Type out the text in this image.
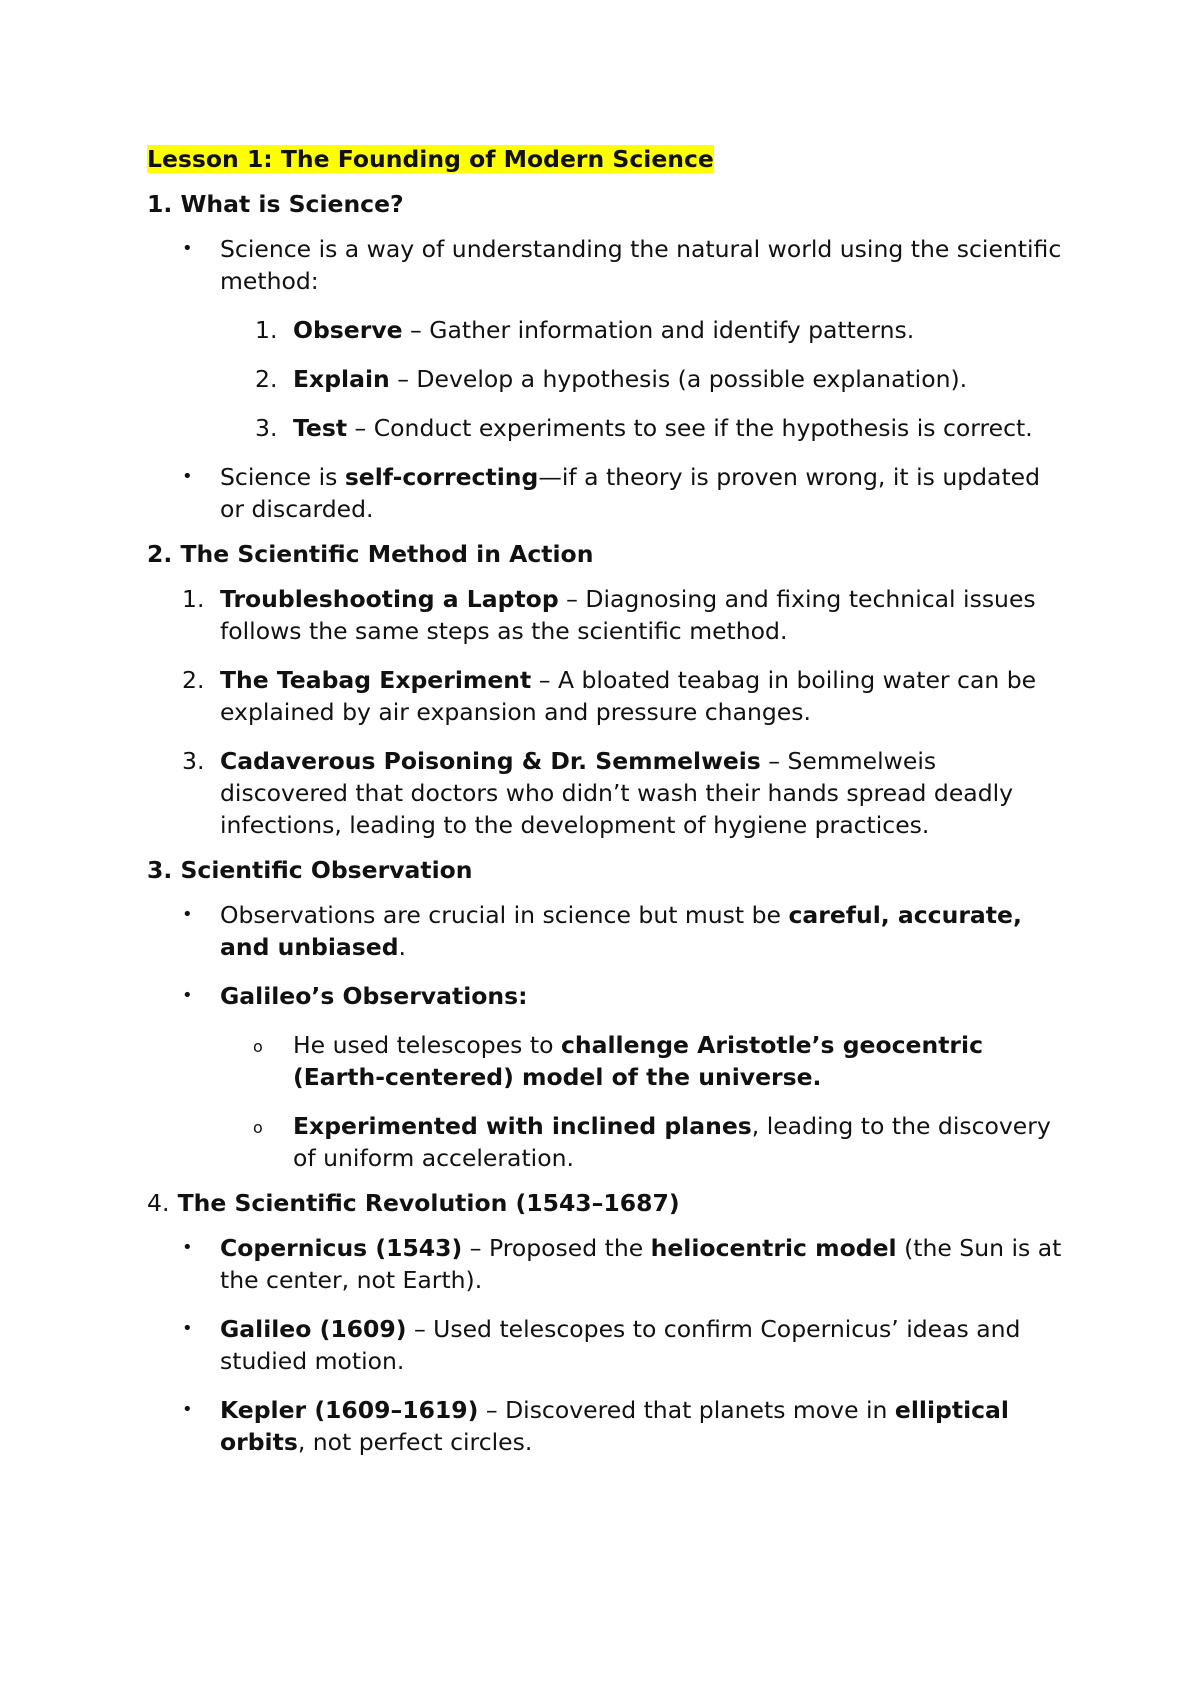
Lesson 1: The Founding of Modern Science
1. What is Science?
• Science is a way of understanding the natural world using the scientific method:
1. Observe – Gather information and identify patterns.
2. Explain – Develop a hypothesis (a possible explanation).
3. Test – Conduct experiments to see if the hypothesis is correct.
• Science is self-correcting—if a theory is proven wrong, it is updated or discarded.
2. The Scientific Method in Action
1. Troubleshooting a Laptop – Diagnosing and fixing technical issues follows the same steps as the scientific method.
2. The Teabag Experiment – A bloated teabag in boiling water can be explained by air expansion and pressure changes.
3. Cadaverous Poisoning & Dr. Semmelweis – Semmelweis discovered that doctors who didn’t wash their hands spread deadly infections, leading to the development of hygiene practices.
3. Scientific Observation
• Observations are crucial in science but must be careful, accurate, and unbiased.
• Galileo’s Observations:
o He used telescopes to challenge Aristotle’s geocentric (Earth-centered) model of the universe.
o Experimented with inclined planes, leading to the discovery of uniform acceleration.
4. The Scientific Revolution (1543–1687)
• Copernicus (1543) – Proposed the heliocentric model (the Sun is at the center, not Earth).
• Galileo (1609) – Used telescopes to confirm Copernicus’ ideas and studied motion.
• Kepler (1609–1619) – Discovered that planets move in elliptical orbits, not perfect circles.
